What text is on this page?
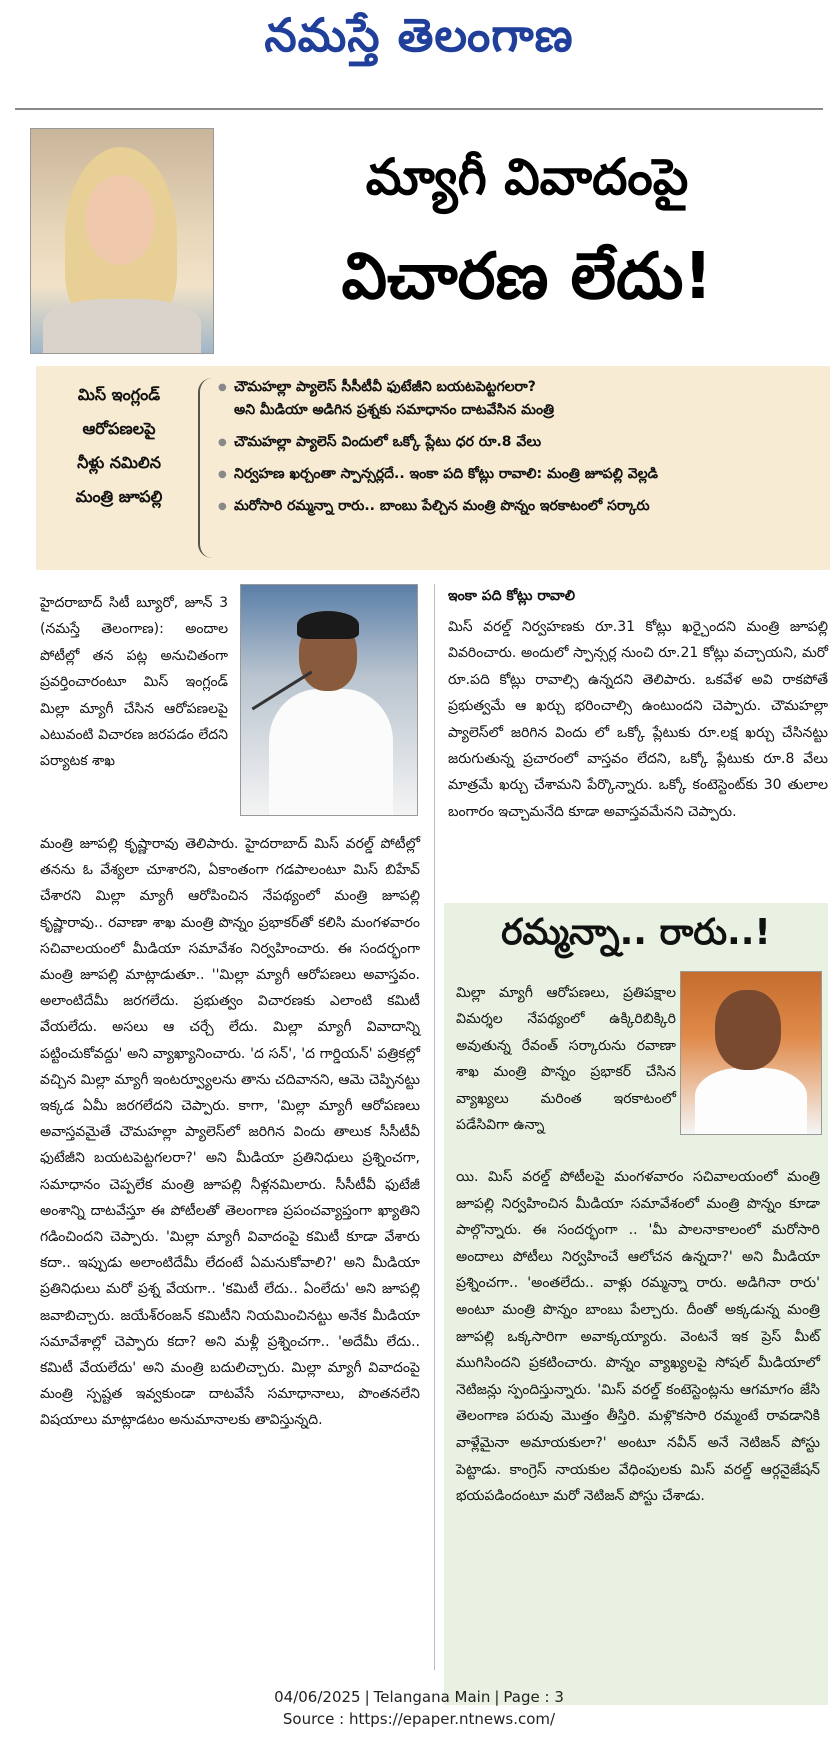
నమస్తే తెలంగాణ
మ్యాగీ వివాదంపై
విచారణ లేదు!
మిస్ ఇంగ్లండ్
ఆరోపణలపై
నీళ్లు నమిలిన
మంత్రి జూపల్లి
● చౌమహల్లా ప్యాలెస్ సీసీటీవీ ఫుటేజీని బయటపెట్టగలరా?
అని మీడియా అడిగిన ప్రశ్నకు సమాధానం దాటవేసిన మంత్రి
● చౌమహల్లా ప్యాలెస్ విందులో ఒక్కో ప్లేటు ధర రూ.8 వేలు
● నిర్వహణ ఖర్చంతా స్పాన్సర్లదే.. ఇంకా పది కోట్లు రావాలి: మంత్రి జూపల్లి వెల్లడి
● మరోసారి రమ్మన్నా రారు.. బాంబు పేల్చిన మంత్రి పొన్నం ఇరకాటంలో సర్కారు
హైదరాబాద్ సిటీ బ్యూరో, జూన్ 3 (నమస్తే తెలంగాణ): అందాల పోటీల్లో తన పట్ల అనుచితంగా ప్రవర్తించారంటూ మిస్ ఇంగ్లండ్ మిల్లా మ్యాగీ చేసిన ఆరోపణలపై ఎటువంటి విచారణ జరపడం లేదని పర్యాటక శాఖ
మంత్రి జూపల్లి కృష్ణారావు తెలిపారు. హైదరాబాద్ మిస్ వరల్డ్ పోటీల్లో తనను ఓ వేశ్యలా చూశారని, ఏకాంతంగా గడపాలంటూ మిస్ బిహేవ్ చేశారని మిల్లా మ్యాగీ ఆరోపించిన నేపథ్యంలో మంత్రి జూపల్లి కృష్ణారావు.. రవాణా శాఖ మంత్రి పొన్నం ప్రభాకర్‌తో కలిసి మంగళవారం సచివాలయంలో మీడియా సమావేశం నిర్వహించారు. ఈ సందర్భంగా మంత్రి జూపల్లి మాట్లాడుతూ.. ''మిల్లా మ్యాగీ ఆరోపణలు అవాస్తవం. అలాంటిదేమీ జరగలేదు. ప్రభుత్వం విచారణకు ఎలాంటి కమిటీ వేయలేదు. అసలు ఆ చర్చే లేదు. మిల్లా మ్యాగీ వివాదాన్ని పట్టించుకోవద్దు' అని వ్యాఖ్యానించారు. 'ద సన్', 'ద గార్డియన్' పత్రికల్లో వచ్చిన మిల్లా మ్యాగీ ఇంటర్వ్యూలను తాను చదివానని, ఆమె చెప్పినట్టు ఇక్కడ ఏమీ జరగలేదని చెప్పారు. కాగా, 'మిల్లా మ్యాగీ ఆరోపణలు అవాస్తవమైతే చౌమహల్లా ప్యాలెస్‌లో జరిగిన విందు తాలుక సీసీటీవీ ఫుటేజీని బయటపెట్టగలరా?' అని మీడియా ప్రతినిధులు ప్రశ్నించగా, సమాధానం చెప్పలేక మంత్రి జూపల్లి నీళ్లనమిలారు. సీసీటీవీ ఫుటేజీ అంశాన్ని దాటవేస్తూ ఈ పోటీలతో తెలంగాణ ప్రపంచవ్యాప్తంగా ఖ్యాతిని గడించిందని చెప్పారు. 'మిల్లా మ్యాగీ వివాదంపై కమిటీ కూడా వేశారు కదా.. ఇప్పుడు అలాంటిదేమీ లేదంటే ఏమనుకోవాలి?' అని మీడియా ప్రతినిధులు మరో ప్రశ్న వేయగా.. 'కమిటీ లేదు.. ఏంలేదు' అని జూపల్లి జవాబిచ్చారు. జయేశ్‌రంజన్ కమిటీని నియమించినట్టు అనేక మీడియా సమావేశాల్లో చెప్పారు కదా? అని మళ్లీ ప్రశ్నించగా.. 'అదేమీ లేదు.. కమిటీ వేయలేదు' అని మంత్రి బదులిచ్చారు. మిల్లా మ్యాగీ వివాదంపై మంత్రి స్పష్టత ఇవ్వకుండా దాటవేసే సమాధానాలు, పొంతనలేని విషయాలు మాట్లాడటం అనుమానాలకు తావిస్తున్నది.
ఇంకా పది కోట్లు రావాలి
మిస్ వరల్డ్ నిర్వహణకు రూ.31 కోట్లు ఖర్చైందని మంత్రి జూపల్లి వివరించారు. అందులో స్పాన్సర్ల నుంచి రూ.21 కోట్లు వచ్చాయని, మరో రూ.పది కోట్లు రావాల్సి ఉన్నదని తెలిపారు. ఒకవేళ అవి రాకపోతే ప్రభుత్వమే ఆ ఖర్చు భరించాల్సి ఉంటుందని చెప్పారు. చౌమహల్లా ప్యాలెస్‌లో జరిగిన విందు లో ఒక్కో ప్లేటుకు రూ.లక్ష ఖర్చు చేసినట్టు జరుగుతున్న ప్రచారంలో వాస్తవం లేదని, ఒక్కో ప్లేటుకు రూ.8 వేలు మాత్రమే ఖర్చు చేశామని పేర్కొన్నారు. ఒక్కో కంటెస్టెంట్‌కు 30 తులాల బంగారం ఇచ్చామనేది కూడా అవాస్తవమేనని చెప్పారు.
రమ్మన్నా.. రారు..!
మిల్లా మ్యాగీ ఆరోపణలు, ప్రతిపక్షాల విమర్శల నేపథ్యంలో ఉక్కిరిబిక్కిరి అవుతున్న రేవంత్ సర్కారును రవాణా శాఖ మంత్రి పొన్నం ప్రభాకర్ చేసిన వ్యాఖ్యలు మరింత ఇరకాటంలో పడేసివిగా ఉన్నా
యి. మిస్ వరల్డ్ పోటీలపై మంగళవారం సచివాలయంలో మంత్రి జూపల్లి నిర్వహించిన మీడియా సమావేశంలో మంత్రి పొన్నం కూడా పాల్గొన్నారు. ఈ సందర్భంగా .. 'మీ పాలనాకాలంలో మరోసారి అందాలు పోటీలు నిర్వహించే ఆలోచన ఉన్నదా?' అని మీడియా ప్రశ్నించగా.. 'అంతలేదు.. వాళ్లు రమ్మన్నా రారు. అడిగినా రారు' అంటూ మంత్రి పొన్నం బాంబు పేల్చారు. దీంతో అక్కడున్న మంత్రి జూపల్లి ఒక్కసారిగా అవాక్కయ్యారు. వెంటనే ఇక ప్రెస్ మీట్ ముగిసిందని ప్రకటించారు. పొన్నం వ్యాఖ్యలపై సోషల్ మీడియాలో నెటిజన్లు స్పందిస్తున్నారు. 'మిస్ వరల్డ్ కంటెస్టెంట్లను ఆగమాగం జేసి తెలంగాణ పరువు మొత్తం తీస్తిరి. మళ్లొకసారి రమ్మంటే రావడానికి వాళ్లేమైనా అమాయకులా?' అంటూ నవీన్ అనే నెటిజన్ పోస్టు పెట్టాడు. కాంగ్రెస్ నాయకుల వేధింపులకు మిస్ వరల్డ్ ఆర్గనైజేషన్ భయపడిందంటూ మరో నెటిజన్ పోస్టు చేశాడు.
04/06/2025 | Telangana Main | Page : 3
Source : https://epaper.ntnews.com/
